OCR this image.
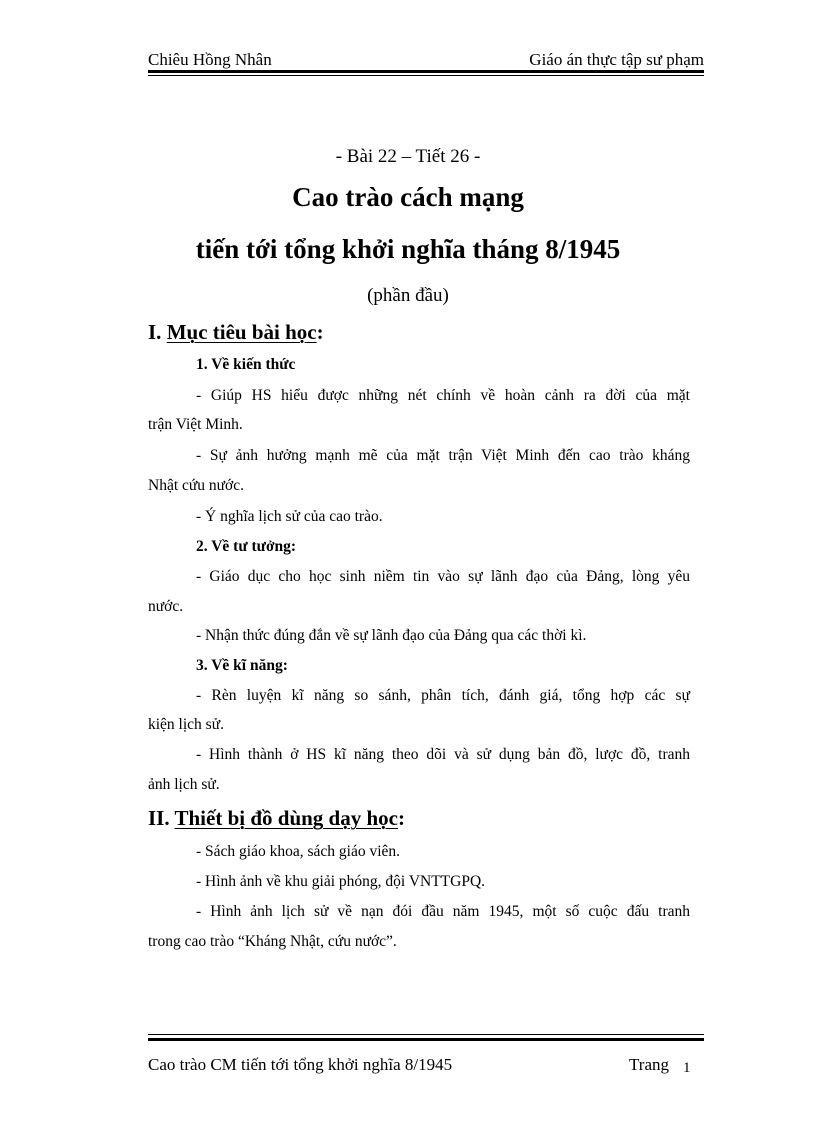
Chiêu Hồng Nhân	Giáo án thực tập sư phạm
- Bài 22 – Tiết 26 -
Cao trào cách mạng
tiến tới tổng khởi nghĩa tháng 8/1945
(phần đầu)
I. Mục tiêu bài học:
1. Về kiến thức
- Giúp HS hiểu được những nét chính về hoàn cảnh ra đời của mặt
trận Việt Minh.
- Sự ảnh hưởng mạnh mẽ của mặt trận Việt Minh đến cao trào kháng
Nhật cứu nước.
- Ý nghĩa lịch sử của cao trào.
2. Về tư tưởng:
- Giáo dục cho học sinh niềm tin vào sự lãnh đạo của Đảng, lòng yêu
nước.
- Nhận thức đúng đắn về sự lãnh đạo của Đảng qua các thời kì.
3. Về kĩ năng:
- Rèn luyện kĩ năng so sánh, phân tích, đánh giá, tổng hợp các sự
kiện lịch sử.
- Hình thành ở HS kĩ năng theo dõi và sử dụng bản đồ, lược đồ, tranh
ảnh lịch sử.
II. Thiết bị đồ dùng dạy học:
- Sách giáo khoa, sách giáo viên.
- Hình ảnh về khu giải phóng, đội VNTTGPQ.
- Hình ảnh lịch sử về nạn đói đầu năm 1945, một số cuộc đấu tranh
trong cao trào “Kháng Nhật, cứu nước”.
Cao trào CM tiến tới tổng khởi nghĩa 8/1945	Trang 1
